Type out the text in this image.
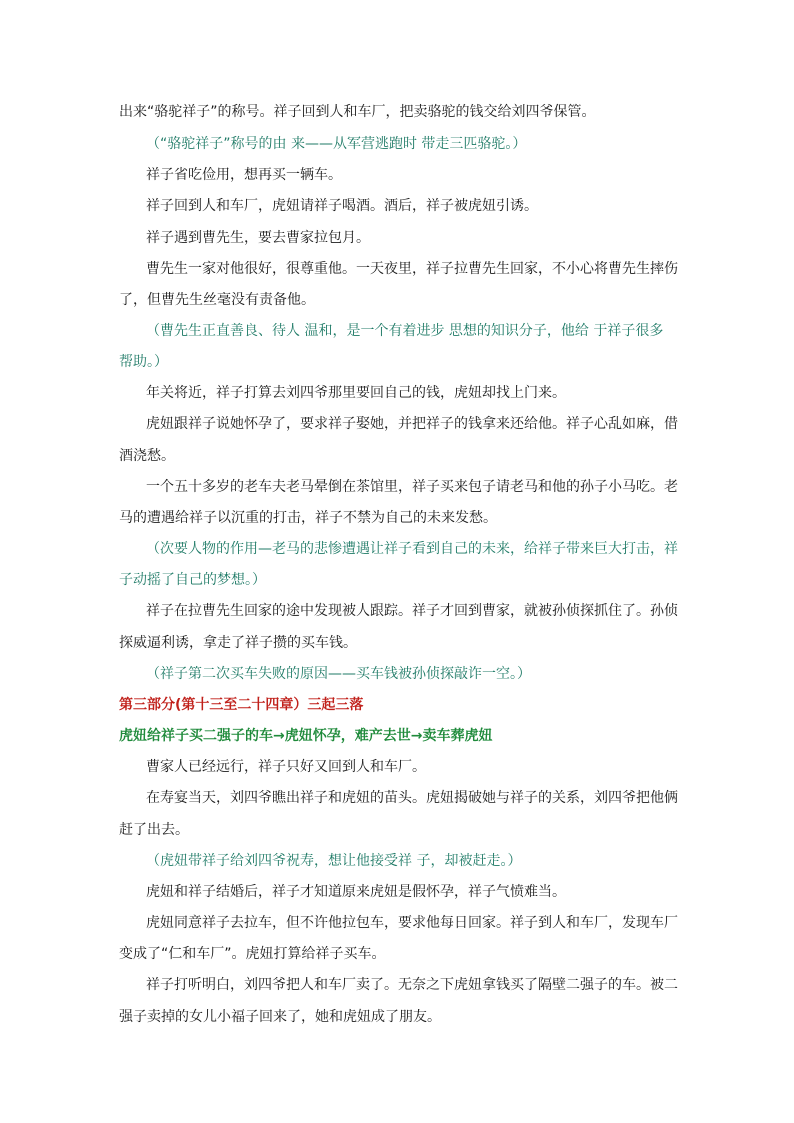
出来“骆驼祥子”的称号。祥子回到人和车厂，把卖骆驼的钱交给刘四爷保管。
（“骆驼祥子”称号的由 来——从军营逃跑时 带走三匹骆驼。）
祥子省吃俭用，想再买一辆车。
祥子回到人和车厂，虎妞请祥子喝酒。酒后，祥子被虎妞引诱。
祥子遇到曹先生，要去曹家拉包月。
曹先生一家对他很好，很尊重他。一天夜里，祥子拉曹先生回家，不小心将曹先生摔伤
了，但曹先生丝毫没有责备他。
（曹先生正直善良、待人 温和，是一个有着进步 思想的知识分子，他给 于祥子很多
帮助。）
年关将近，祥子打算去刘四爷那里要回自己的钱，虎妞却找上门来。
虎妞跟祥子说她怀孕了，要求祥子娶她，并把祥子的钱拿来还给他。祥子心乱如麻，借
酒浇愁。
一个五十多岁的老车夫老马晕倒在茶馆里，祥子买来包子请老马和他的孙子小马吃。老
马的遭遇给祥子以沉重的打击，祥子不禁为自己的未来发愁。
（次要人物的作用—老马的悲惨遭遇让祥子看到自己的未来，给祥子带来巨大打击，祥
子动摇了自己的梦想。）
祥子在拉曹先生回家的途中发现被人跟踪。祥子才回到曹家，就被孙侦探抓住了。孙侦
探威逼利诱，拿走了祥子攒的买车钱。
（祥子第二次买车失败的原因——买车钱被孙侦探敲诈一空。）
第三部分(第十三至二十四章）三起三落
虎妞给祥子买二强子的车→虎妞怀孕，难产去世→卖车葬虎妞
曹家人已经远行，祥子只好又回到人和车厂。
在寿宴当天，刘四爷瞧出祥子和虎妞的苗头。虎妞揭破她与祥子的关系，刘四爷把他俩
赶了出去。
（虎妞带祥子给刘四爷祝寿，想让他接受祥 子，却被赶走。）
虎妞和祥子结婚后，祥子才知道原来虎妞是假怀孕，祥子气愤难当。
虎妞同意祥子去拉车，但不许他拉包车，要求他每日回家。祥子到人和车厂，发现车厂
变成了“仁和车厂”。虎妞打算给祥子买车。
祥子打听明白，刘四爷把人和车厂卖了。无奈之下虎妞拿钱买了隔壁二强子的车。被二
强子卖掉的女儿小福子回来了，她和虎妞成了朋友。
